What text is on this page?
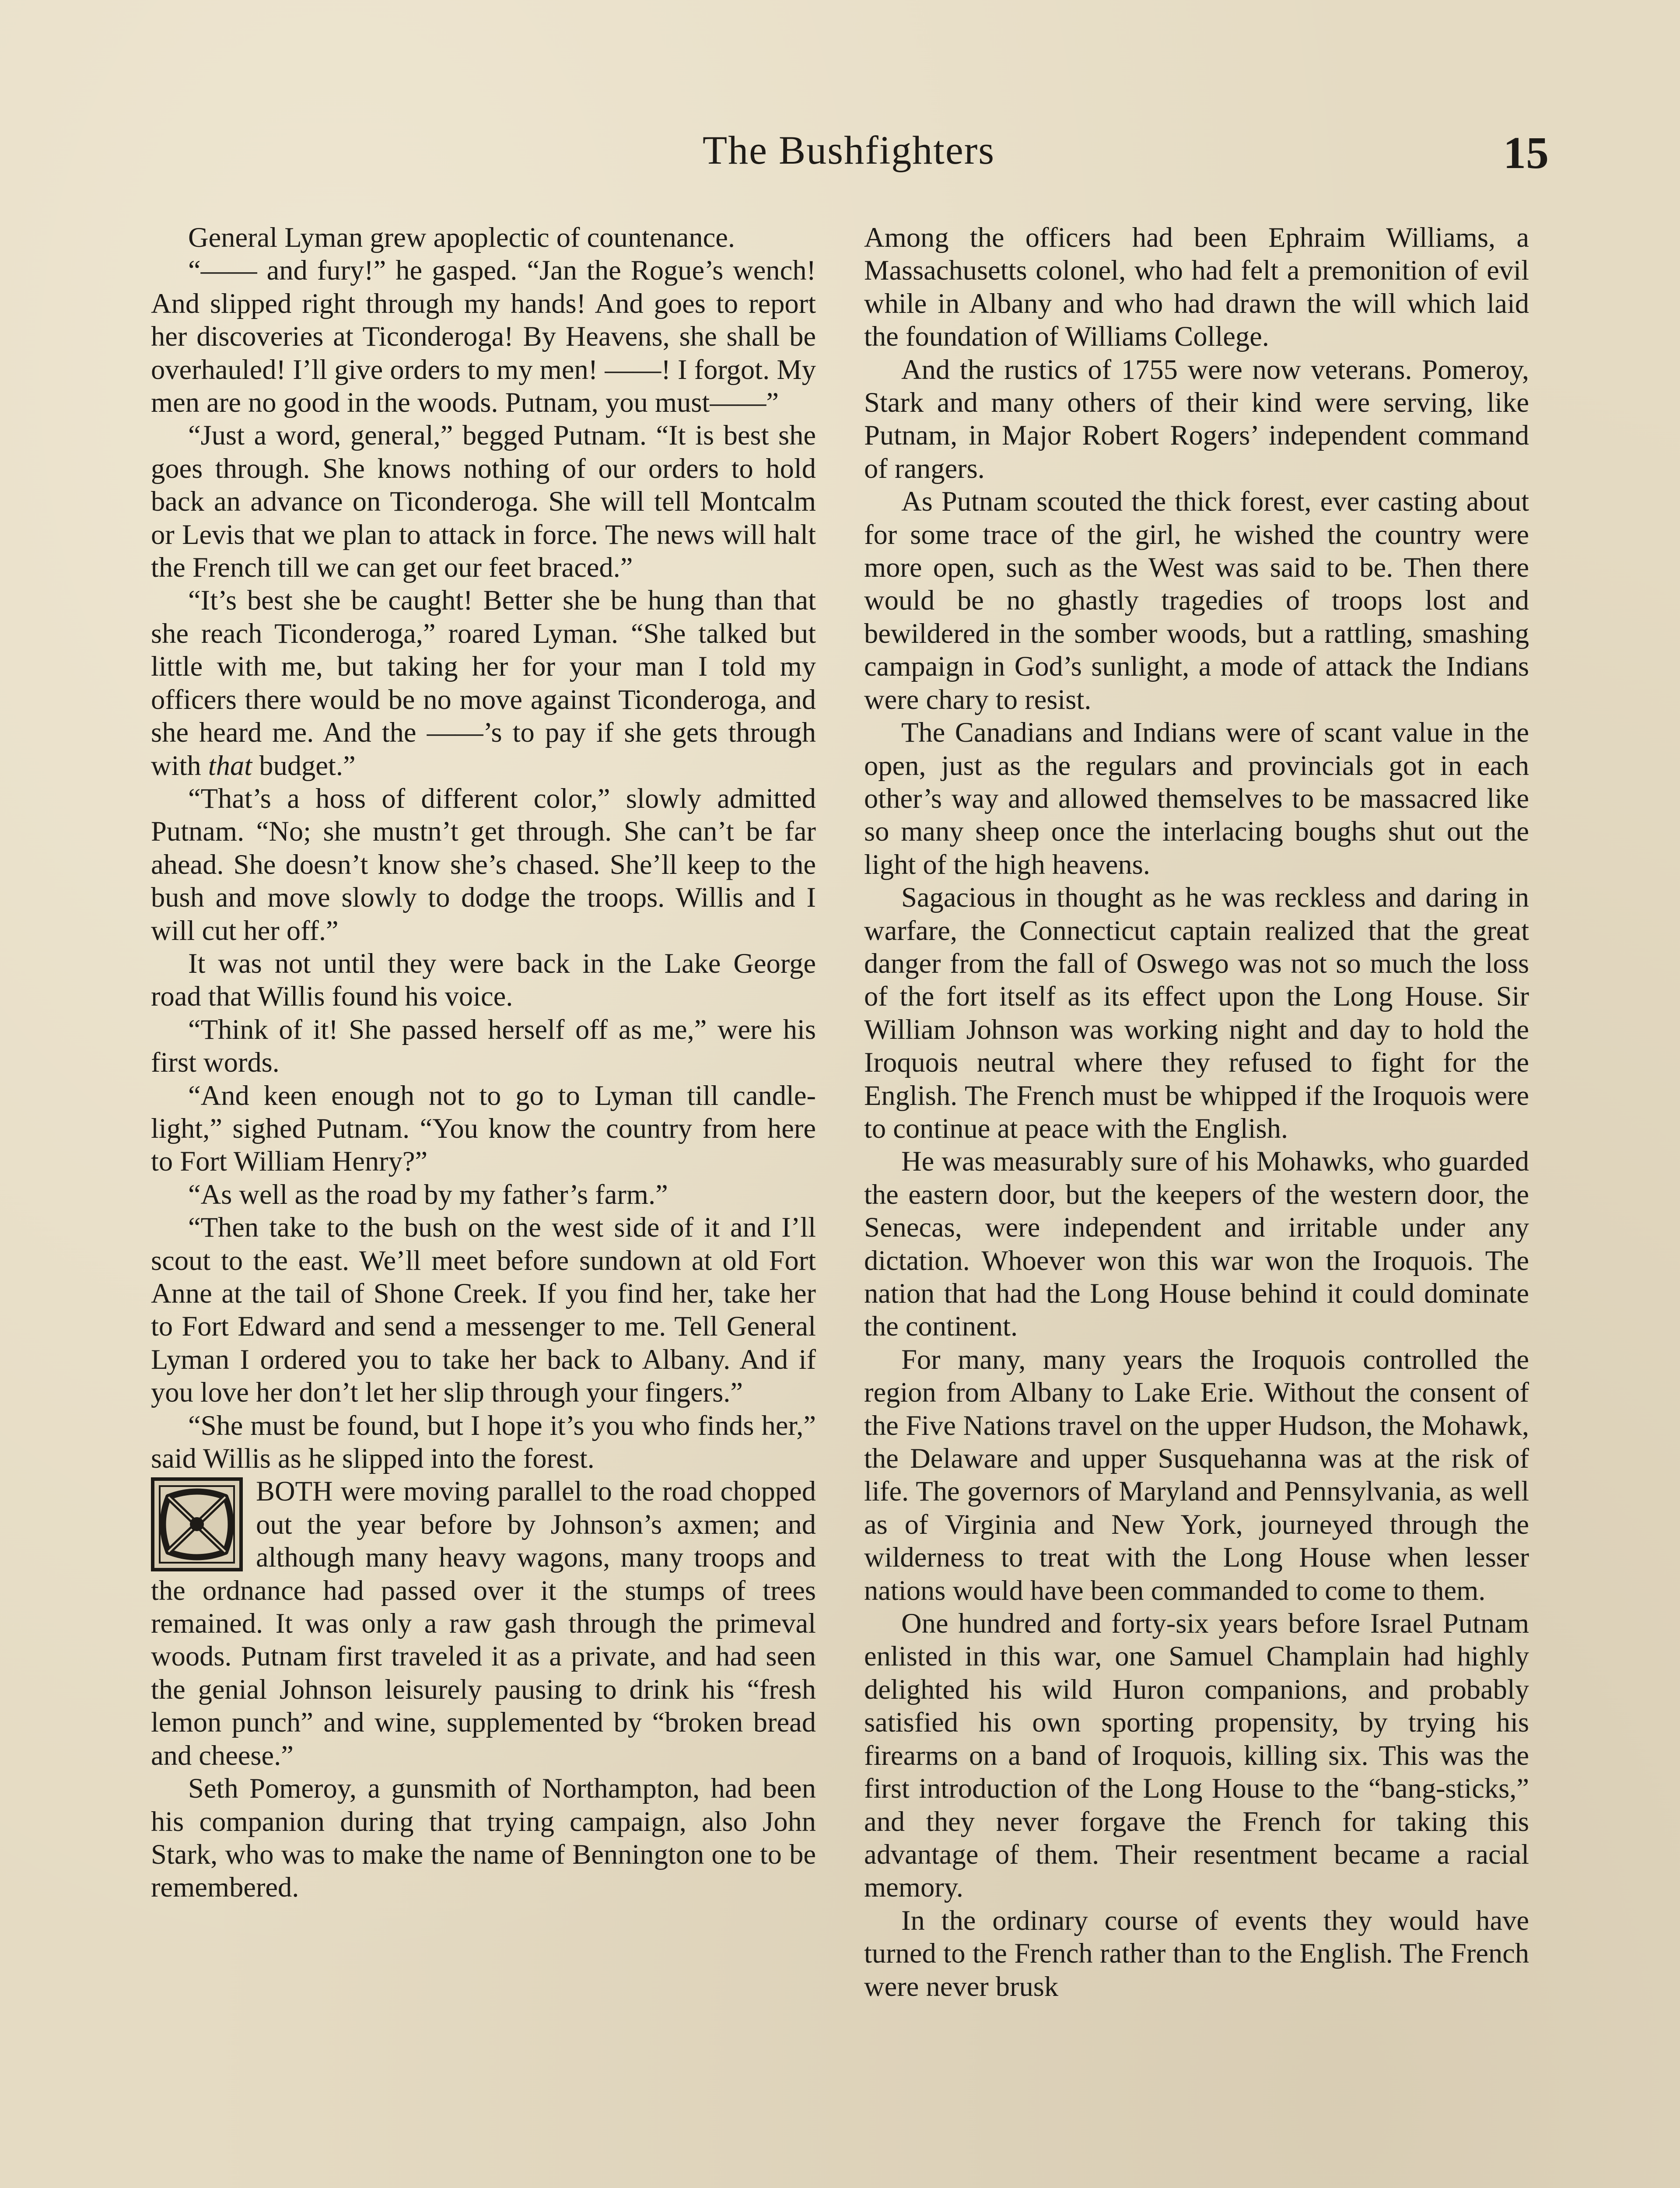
The Bushfighters	15

General Lyman grew apoplectic of countenance.

“—— and fury!” he gasped. “Jan the Rogue’s wench! And slipped right through my hands! And goes to report her discoveries at Ticonderoga! By Heavens, she shall be overhauled! I’ll give orders to my men! ——! I forgot. My men are no good in the woods. Putnam, you must——”

“Just a word, general,” begged Putnam. “It is best she goes through. She knows nothing of our orders to hold back an advance on Ticonderoga. She will tell Montcalm or Levis that we plan to attack in force. The news will halt the French till we can get our feet braced.”

“It’s best she be caught! Better she be hung than that she reach Ticonderoga,” roared Lyman. “She talked but little with me, but taking her for your man I told my officers there would be no move against Ticonderoga, and she heard me. And the ——’s to pay if she gets through with that budget.”

“That’s a hoss of different color,” slowly admitted Putnam. “No; she mustn’t get through. She can’t be far ahead. She doesn’t know she’s chased. She’ll keep to the bush and move slowly to dodge the troops. Willis and I will cut her off.”

It was not until they were back in the Lake George road that Willis found his voice.

“Think of it! She passed herself off as me,” were his first words.

“And keen enough not to go to Lyman till candle-light,” sighed Putnam. “You know the country from here to Fort William Henry?”

“As well as the road by my father’s farm.”

“Then take to the bush on the west side of it and I’ll scout to the east. We’ll meet before sundown at old Fort Anne at the tail of Shone Creek. If you find her, take her to Fort Edward and send a messenger to me. Tell General Lyman I ordered you to take her back to Albany. And if you love her don’t let her slip through your fingers.”

“She must be found, but I hope it’s you who finds her,” said Willis as he slipped into the forest.

BOTH were moving parallel to the road chopped out the year before by Johnson’s axmen; and although many heavy wagons, many troops and the ordnance had passed over it the stumps of trees remained. It was only a raw gash through the primeval woods. Putnam first traveled it as a private, and had seen the genial Johnson leisurely pausing to drink his “fresh lemon punch” and wine, supplemented by “broken bread and cheese.”

Seth Pomeroy, a gunsmith of Northampton, had been his companion during that trying campaign, also John Stark, who was to make the name of Bennington one to be remembered.

Among the officers had been Ephraim Williams, a Massachusetts colonel, who had felt a premonition of evil while in Albany and who had drawn the will which laid the foundation of Williams College.

And the rustics of 1755 were now veterans. Pomeroy, Stark and many others of their kind were serving, like Putnam, in Major Robert Rogers’ independent command of rangers.

As Putnam scouted the thick forest, ever casting about for some trace of the girl, he wished the country were more open, such as the West was said to be. Then there would be no ghastly tragedies of troops lost and bewildered in the somber woods, but a rattling, smashing campaign in God’s sunlight, a mode of attack the Indians were chary to resist.

The Canadians and Indians were of scant value in the open, just as the regulars and provincials got in each other’s way and allowed themselves to be massacred like so many sheep once the interlacing boughs shut out the light of the high heavens.

Sagacious in thought as he was reckless and daring in warfare, the Connecticut captain realized that the great danger from the fall of Oswego was not so much the loss of the fort itself as its effect upon the Long House. Sir William Johnson was working night and day to hold the Iroquois neutral where they refused to fight for the English. The French must be whipped if the Iroquois were to continue at peace with the English.

He was measurably sure of his Mohawks, who guarded the eastern door, but the keepers of the western door, the Senecas, were independent and irritable under any dictation. Whoever won this war won the Iroquois. The nation that had the Long House behind it could dominate the continent.

For many, many years the Iroquois controlled the region from Albany to Lake Erie. Without the consent of the Five Nations travel on the upper Hudson, the Mohawk, the Delaware and upper Susquehanna was at the risk of life. The governors of Maryland and Pennsylvania, as well as of Virginia and New York, journeyed through the wilderness to treat with the Long House when lesser nations would have been commanded to come to them.

One hundred and forty-six years before Israel Putnam enlisted in this war, one Samuel Champlain had highly delighted his wild Huron companions, and probably satisfied his own sporting propensity, by trying his firearms on a band of Iroquois, killing six. This was the first introduction of the Long House to the “bang-sticks,” and they never forgave the French for taking this advantage of them. Their resentment became a racial memory.

In the ordinary course of events they would have turned to the French rather than to the English. The French were never brusk
